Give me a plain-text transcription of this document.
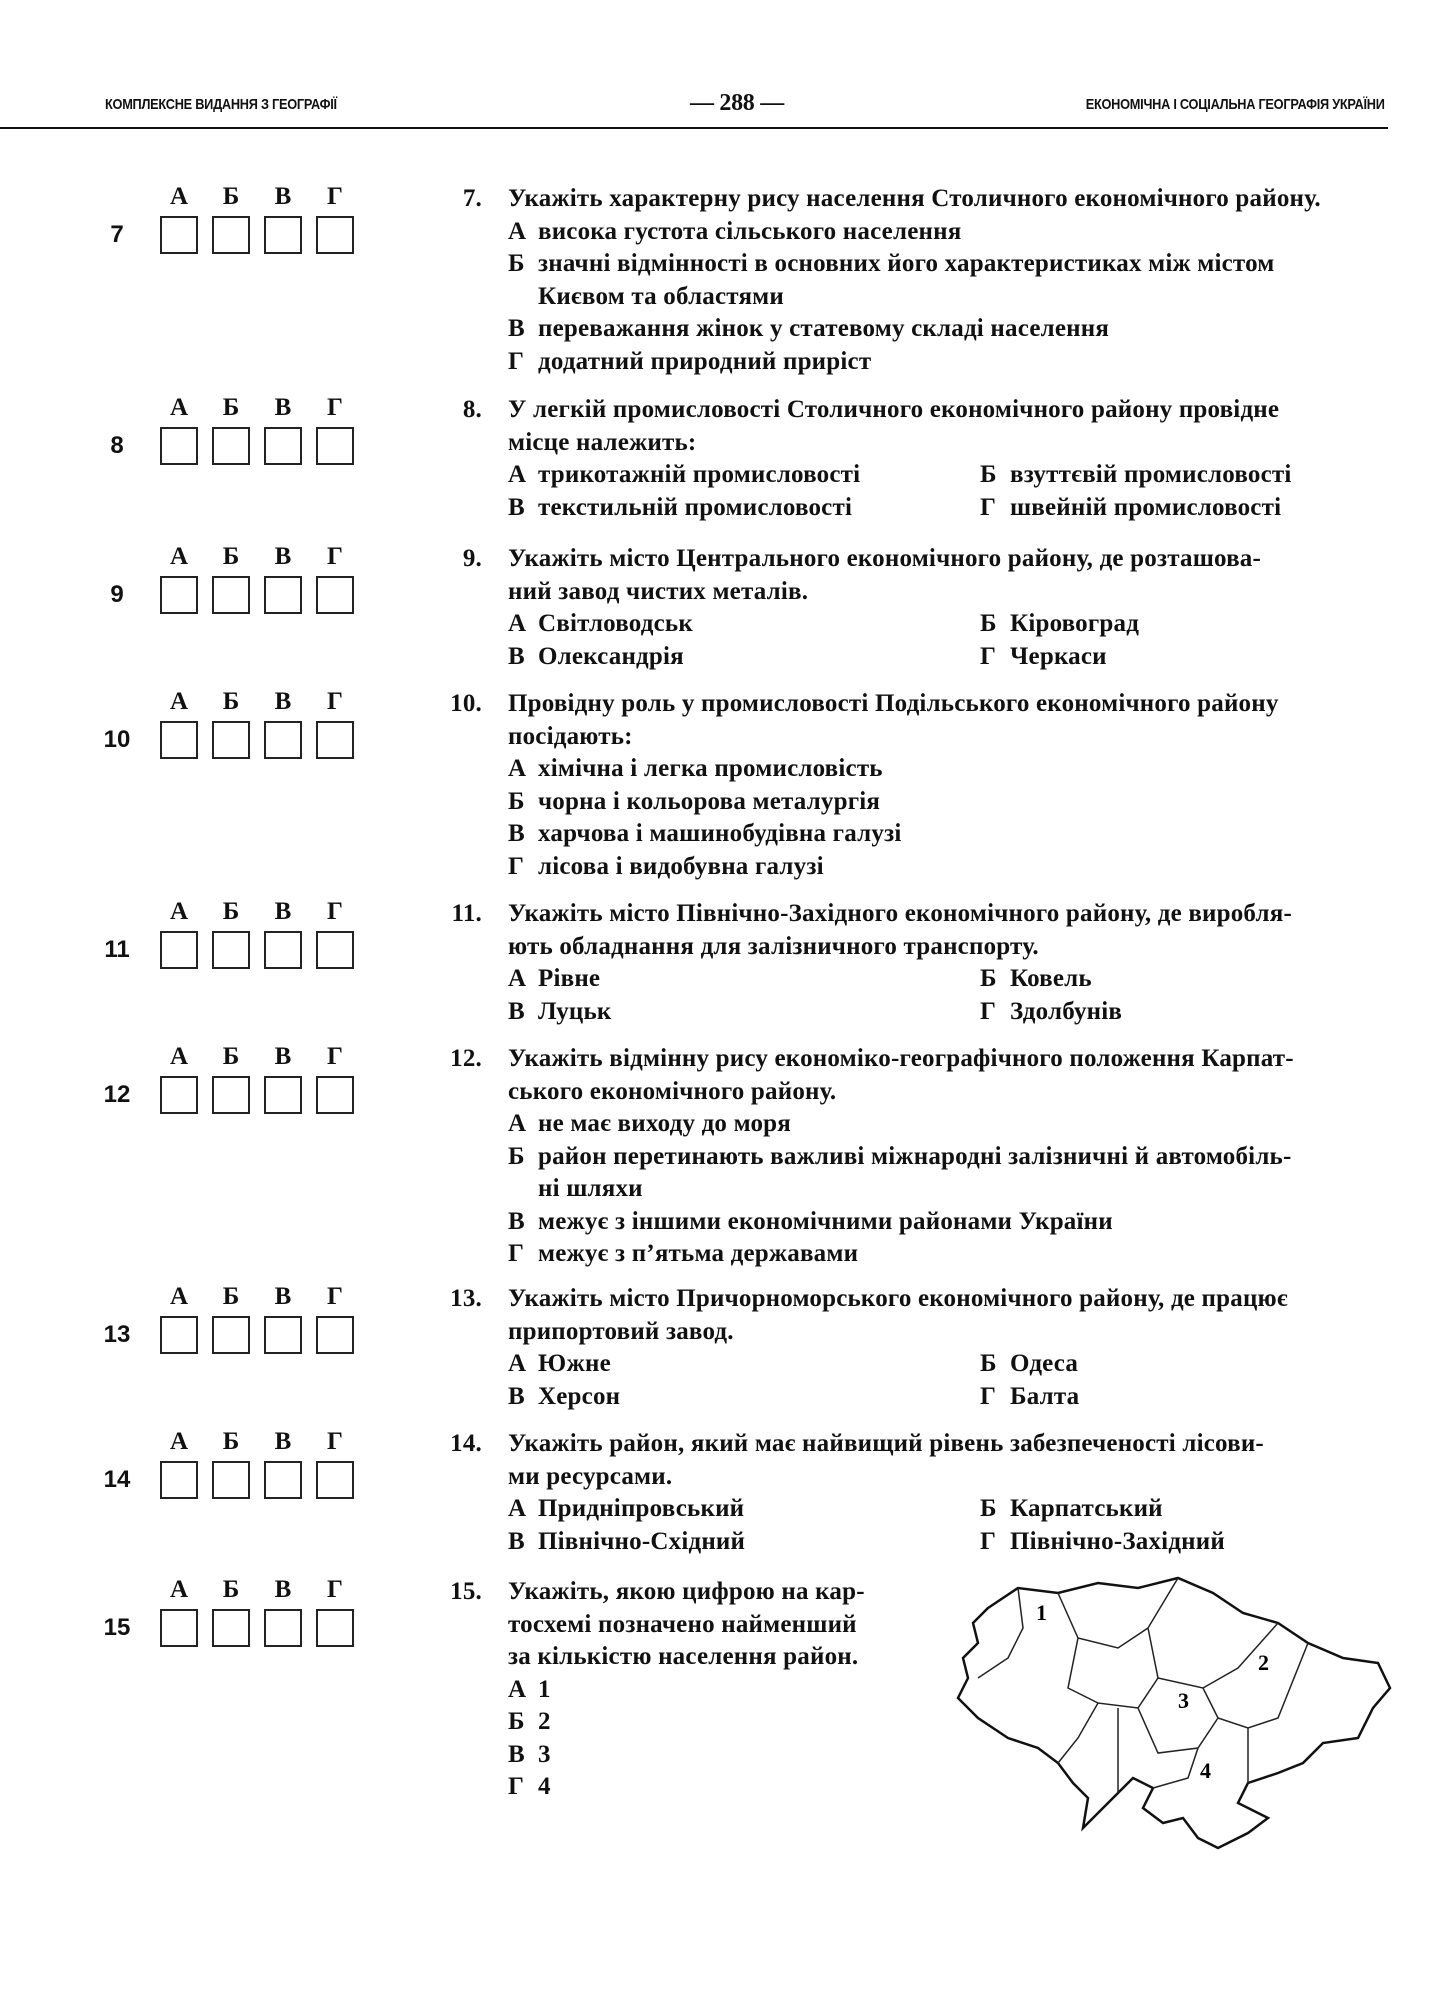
КОМПЛЕКСНЕ ВИДАННЯ З ГЕОГРАФІЇ	— 288 —	ЕКОНОМІЧНА І СОЦІАЛЬНА ГЕОГРАФІЯ УКРАЇНИ
А	Б	В	Г
7
7. Укажіть характерну рису населення Столичного економічного району.
А висока густота сільського населення
Б значні відмінності в основних його характеристиках між містом
Києвом та областями
В переважання жінок у статевому складі населення
Г додатний природний приріст
А	Б	В	Г
8
8. У легкій промисловості Столичного економічного району провідне
місце належить:
А трикотажній промисловості	Б взуттєвій промисловості
В текстильній промисловості	Г швейній промисловості
А	Б	В	Г
9
9. Укажіть місто Центрального економічного району, де розташова-
ний завод чистих металів.
А Світловодськ	Б Кіровоград
В Олександрія	Г Черкаси
А	Б	В	Г
10
10. Провідну роль у промисловості Подільського економічного району
посідають:
А хімічна і легка промисловість
Б чорна і кольорова металургія
В харчова і машинобудівна галузі
Г лісова і видобувна галузі
А	Б	В	Г
11
11. Укажіть місто Північно-Західного економічного району, де виробля-
ють обладнання для залізничного транспорту.
А Рівне	Б Ковель
В Луцьк	Г Здолбунів
А	Б	В	Г
12
12. Укажіть відмінну рису економіко-географічного положення Карпат-
ського економічного району.
А не має виходу до моря
Б район перетинають важливі міжнародні залізничні й автомобіль-
ні шляхи
В межує з іншими економічними районами України
Г межує з п’ятьма державами
А	Б	В	Г
13
13. Укажіть місто Причорноморського економічного району, де працює
припортовий завод.
А Южне	Б Одеса
В Херсон	Г Балта
А	Б	В	Г
14
14. Укажіть район, який має найвищий рівень забезпеченості лісови-
ми ресурсами.
А Придніпровський	Б Карпатський
В Північно-Східний	Г Північно-Західний
А	Б	В	Г
15
15. Укажіть, якою цифрою на кар-
тосхемі позначено найменший
за кількістю населення район.
А 1
Б 2
В 3
Г 4
1
2
3
4
